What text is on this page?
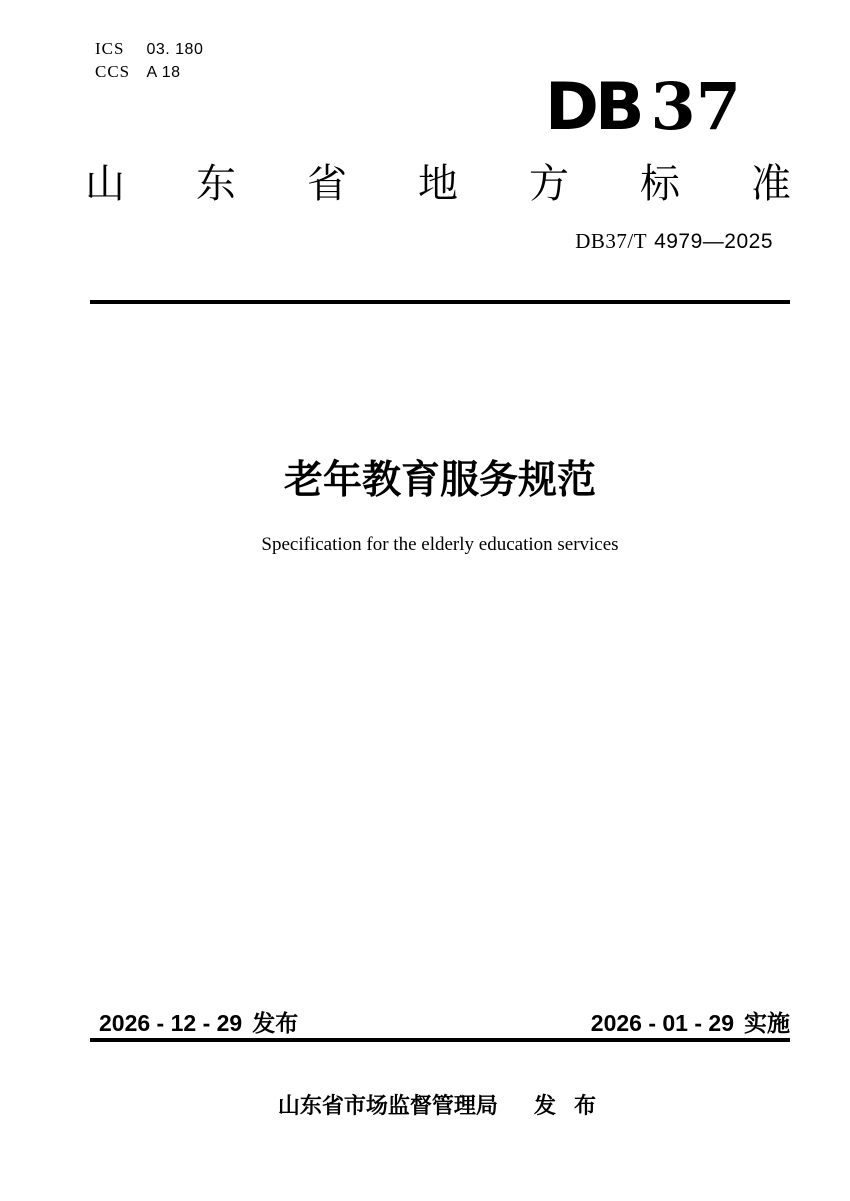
ICS 03. 180
CCS A 18	DB 37
山 东 省 地 方 标 准
DB37/T 4979—2025
老年教育服务规范
Specification for the elderly education services
2026 - 12 - 29 发布	2026 - 01 - 29 实施
山东省市场监督管理局 发 布
